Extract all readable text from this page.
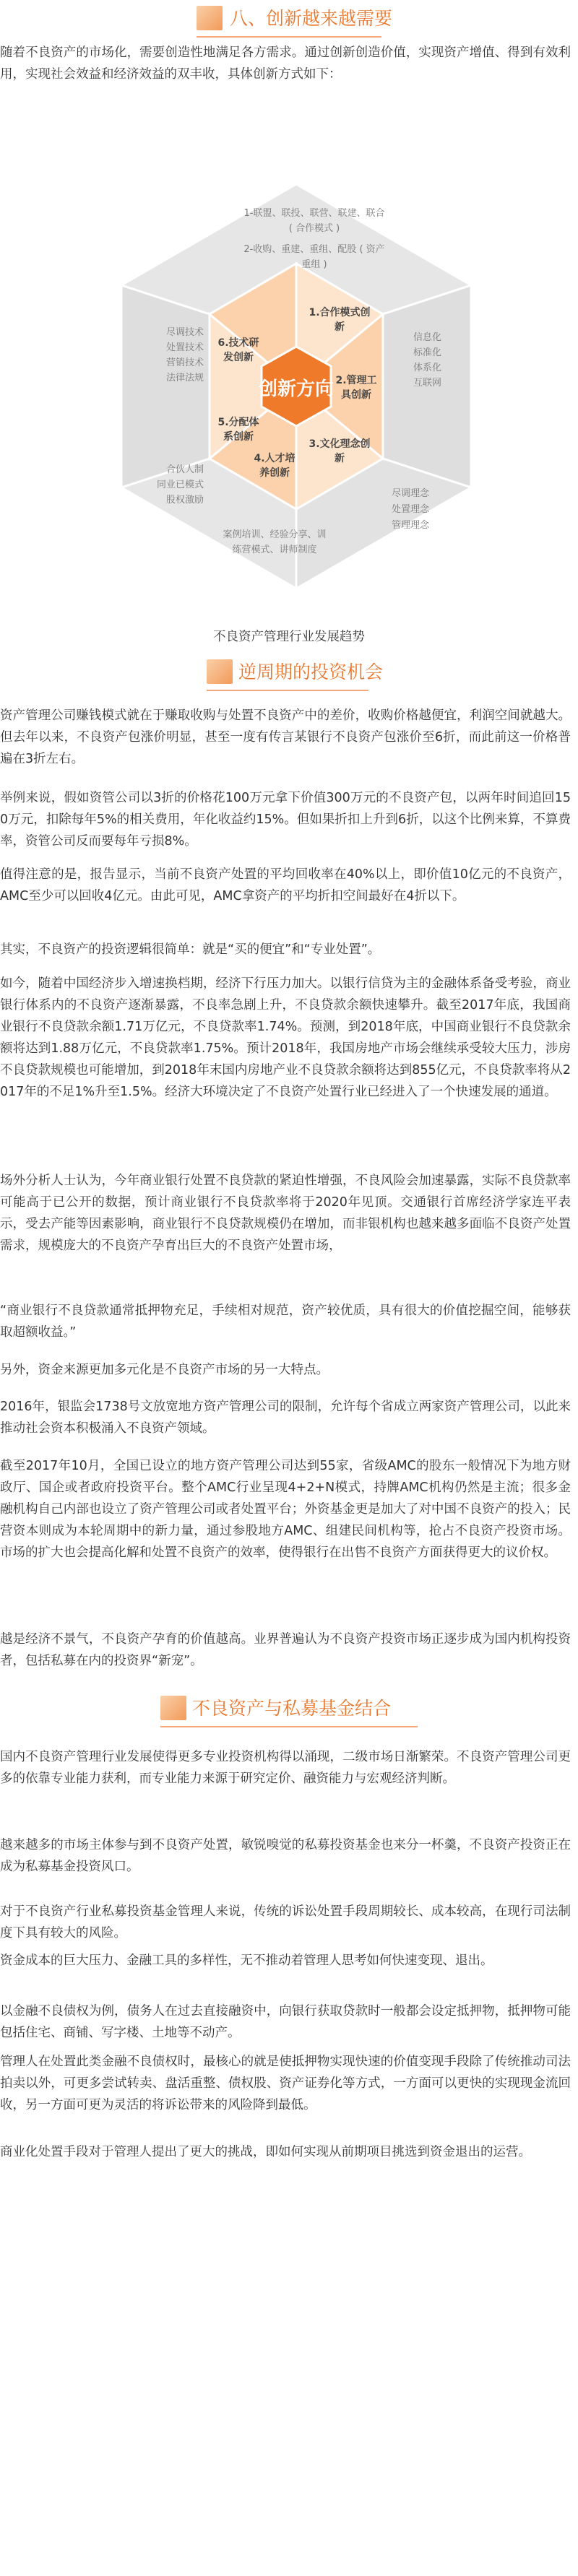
八、创新越来越需要
随着不良资产的市场化，需要创造性地满足各方需求。通过创新创造价值，实现资产增值、得到有效利用，实现社会效益和经济效益的双丰收，具体创新方式如下：
创新方向
1.合作模式创新
2.管理工具创新
3.文化理念创新
4.人才培养创新
5.分配体系创新
6.技术研发创新
1-联盟、联投、联营、联建、联合 ( 合作模式 )
2-收购、重建、重组、配股 ( 资产重组 )
信息化
标准化
体系化
互联网
尽调理念
处置理念
管理理念
案例培训、经验分享、训练营模式、讲师制度
合伙人制
同业已模式
股权激励
尽调技术
处置技术
营销技术
法律法规
不良资产管理行业发展趋势
逆周期的投资机会
资产管理公司赚钱模式就在于赚取收购与处置不良资产中的差价，收购价格越便宜，利润空间就越大。但去年以来，不良资产包涨价明显，甚至一度有传言某银行不良资产包涨价至6折，而此前这一价格普遍在3折左右。
举例来说，假如资管公司以3折的价格花100万元拿下价值300万元的不良资产包，以两年时间追回150万元，扣除每年5%的相关费用，年化收益约15%。但如果折扣上升到6折，以这个比例来算，不算费率，资管公司反而要每年亏损8%。
值得注意的是，报告显示，当前不良资产处置的平均回收率在40%以上，即价值10亿元的不良资产，AMC至少可以回收4亿元。由此可见，AMC拿资产的平均折扣空间最好在4折以下。
其实，不良资产的投资逻辑很简单：就是“买的便宜”和“专业处置”。
如今，随着中国经济步入增速换档期，经济下行压力加大。以银行信贷为主的金融体系备受考验，商业银行体系内的不良资产逐渐暴露，不良率急剧上升，不良贷款余额快速攀升。截至2017年底，我国商业银行不良贷款余额1.71万亿元，不良贷款率1.74%。预测，到2018年底，中国商业银行不良贷款余额将达到1.88万亿元，不良贷款率1.75%。预计2018年，我国房地产市场会继续承受较大压力，涉房不良贷款规模也可能增加，到2018年末国内房地产业不良贷款余额将达到855亿元，不良贷款率将从2017年的不足1%升至1.5%。经济大环境决定了不良资产处置行业已经进入了一个快速发展的通道。
场外分析人士认为，今年商业银行处置不良贷款的紧迫性增强，不良风险会加速暴露，实际不良贷款率可能高于已公开的数据，预计商业银行不良贷款率将于2020年见顶。交通银行首席经济学家连平表示，受去产能等因素影响，商业银行不良贷款规模仍在增加，而非银机构也越来越多面临不良资产处置需求，规模庞大的不良资产孕育出巨大的不良资产处置市场，
“商业银行不良贷款通常抵押物充足，手续相对规范，资产较优质，具有很大的价值挖掘空间，能够获取超额收益。”
另外，资金来源更加多元化是不良资产市场的另一大特点。
2016年，银监会1738号文放宽地方资产管理公司的限制，允许每个省成立两家资产管理公司，以此来推动社会资本积极涌入不良资产领域。
截至2017年10月，全国已设立的地方资产管理公司达到55家，省级AMC的股东一般情况下为地方财政厅、国企或者政府投资平台。整个AMC行业呈现4+2+N模式，持牌AMC机构仍然是主流；很多金融机构自己内部也设立了资产管理公司或者处置平台；外资基金更是加大了对中国不良资产的投入；民营资本则成为本轮周期中的新力量，通过参股地方AMC、组建民间机构等，抢占不良资产投资市场。市场的扩大也会提高化解和处置不良资产的效率，使得银行在出售不良资产方面获得更大的议价权。
越是经济不景气，不良资产孕育的价值越高。业界普遍认为不良资产投资市场正逐步成为国内机构投资者，包括私募在内的投资界“新宠”。
不良资产与私募基金结合
国内不良资产管理行业发展使得更多专业投资机构得以涌现，二级市场日渐繁荣。不良资产管理公司更多的依靠专业能力获利，而专业能力来源于研究定价、融资能力与宏观经济判断。
越来越多的市场主体参与到不良资产处置，敏锐嗅觉的私募投资基金也来分一杯羹，不良资产投资正在成为私募基金投资风口。
对于不良资产行业私募投资基金管理人来说，传统的诉讼处置手段周期较长、成本较高，在现行司法制度下具有较大的风险。
资金成本的巨大压力、金融工具的多样性，无不推动着管理人思考如何快速变现、退出。
以金融不良债权为例，债务人在过去直接融资中，向银行获取贷款时一般都会设定抵押物，抵押物可能包括住宅、商铺、写字楼、土地等不动产。
管理人在处置此类金融不良债权时，最核心的就是使抵押物实现快速的价值变现手段除了传统推动司法拍卖以外，可更多尝试转卖、盘活重整、债权股、资产证券化等方式，一方面可以更快的实现现金流回收，另一方面可更为灵活的将诉讼带来的风险降到最低。
商业化处置手段对于管理人提出了更大的挑战，即如何实现从前期项目挑选到资金退出的运营。
